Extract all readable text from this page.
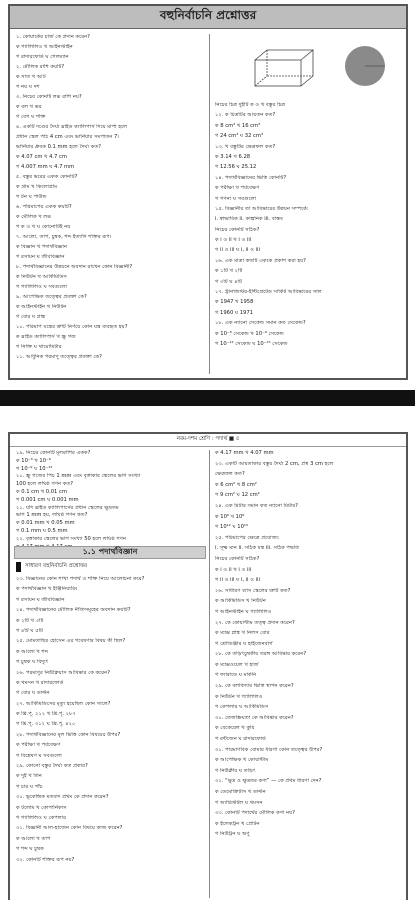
বহুনির্বাচনি প্রশ্নোত্তর
১. কোয়ার্কের চার্জ কে প্রদান করেন?
ক গ্যালিলিও খ আইনস্টাইন
গ রাদারফোর্ড ঘ গেলম্যান
২. মৌলিক রাশি কয়টি?
ক সাত খ আট
গ নয় ঘ দশ
৩. নিচের কোনটি লব্ধ রাশি নয়?
ক বল খ ভর
গ বেগ ঘ শক্তি
৪. একটি দণ্ডের দৈর্ঘ্য স্লাইড ক্যালিপার্স দিয়ে মাপা হলে
প্রধান স্কেল পাঠ 4 cm এবং ভার্নিয়ার সমপাতন 7।
ভার্নিয়ার ধ্রুবক 0.1 mm হলে দৈর্ঘ্য কত?
ক 4.07 cm খ 4.7 cm
গ 4.007 mm ঘ 4.7 mm
৫. বস্তুর ভরের একক কোনটি?
ক গ্রাম খ কিলোগ্রাম
গ টন ঘ পাউন্ড
৬. পরিমাপের একক কয়টি?
ক মৌলিক খ লব্ধ
গ ক ও খ ঘ কোনোটিই নয়
৭. আলো, তাপ, চুম্বক, শব্দ ইত্যাদি শক্তির রূপ।
ক বিজ্ঞান খ পদার্থবিজ্ঞান
গ রসায়ন ঘ জীববিজ্ঞান
৮. পদার্থবিজ্ঞানের উন্নয়নে অবদান রাখেন কোন বিজ্ঞানী?
ক নিউটন খ আর্কিমিডিস
গ গ্যালিলিও ঘ সবগুলো
৯. আপেক্ষিক তত্ত্বের প্রবক্তা কে?
ক আইনস্টাইন খ নিউটন
গ বোর ঘ প্লাঙ্ক
১০. পরিমাপ যন্ত্রের ত্রুটি নির্ণয়ে কোন যন্ত্র ব্যবহৃত হয়?
ক স্লাইড ক্যালিপার্স খ স্ক্রু গজ
গ নিক্তি ঘ থামোমিটার
১১. আধুনিক পরমাণু তত্ত্বের প্রবক্তা কে?
নিচের চিত্র দুইটি ক ও খ বস্তুর চিত্র
১২. ক চিত্রটির আয়তন কত?
ক 8 cm³ খ 16 cm³
গ 24 cm³ ঘ 32 cm³
১৩. খ বস্তুটির ক্ষেত্রফল কত?
ক 3.14 খ 6.28
গ 12.56 ঘ 25.12
১৪. পদার্থবিজ্ঞানের ভিত্তি কোনটি?
ক পরীক্ষা খ পর্যবেক্ষণ
গ গণনা ঘ সবগুলো
১৫. বিজ্ঞানীর তা আবিষ্কারের উন্নয়ন সম্পর্কে:
i. স্বাভাবিক ii. কাল্পনিক iii. বাস্তব
নিচের কোনটি সঠিক?
ক i ও ii খ i ও iii
গ ii ও iii ঘ i, ii ও iii
১৬. এক মাত্রা কতটি এককে প্রকাশ করা হয়?
ক ১টি খ ২টি
গ ৩টি ঘ ৪টি
১৭. ট্রানজিস্টর-ইন্টিগ্রেটেড সার্কিট আবিষ্কারের সাল
ক 1947 খ 1958
গ 1960 ঘ 1971
১৮. এক ন্যানো সেকেন্ড সমান কত সেকেন্ড?
ক 10⁻⁶ সেকেন্ড খ 10⁻⁹ সেকেন্ড
গ 10⁻¹² সেকেন্ড ঘ 10⁻¹⁵ সেকেন্ড
নবম-দশম শ্রেণি : পদার্থ ■ ৫
১৯. নিচের কোনটি মূলরাশির একক?
ক 10⁻³ খ 10⁻⁶
গ 10⁻⁹ ঘ 10⁻¹²
২০. স্ক্রু গজের পিচ 1 mm এবং বৃত্তাকার স্কেলের ভাগ সংখ্যা
100 হলে লঘিষ্ঠ গণন কত?
ক 0.1 cm খ 0.01 cm
গ 0.001 cm ঘ 0.001 mm
২১. যদি স্লাইড ক্যালিপার্সের প্রধান স্কেলের ক্ষুদ্রতম
ভাগ 1 mm হয়, লঘিষ্ঠ গণন কত?
ক 0.01 mm খ 0.05 mm
গ 0.1 mm ঘ 0.5 mm
২২. বৃত্তাকার স্কেলের ভাগ সংখ্যা 50 হলে লঘিষ্ঠ গণন
১.১ পদার্থবিজ্ঞান
সাধারণ বহুনির্বাচনি প্রশ্নোত্তর
২৩. বিজ্ঞানের কোন শাখা পদার্থ ও শক্তি নিয়ে আলোচনা করে?
ক পদার্থবিজ্ঞান খ ইঞ্জিনিয়ারিং
গ রসায়ন ঘ জীববিজ্ঞান
২৪. পদার্থবিজ্ঞানের মৌলিক নীতিসমূহের অবদান কয়টি?
ক ২টি খ ৩টি
গ ৪টি ঘ ৫টি
২৫. মোমতাছির হোসেন এর গবেষণার বিষয় কী ছিল?
ক আলো খ শব্দ
গ চুম্বক ঘ বিদ্যুৎ
২৬. পরমাণুর নিউক্লিয়াস আবিষ্কার কে করেন?
ক থমসন খ রাদারফোর্ড
গ বোর ঘ ডাল্টন
২৭. আর্কিমিডিসের মৃত্যু হয়েছিল কোন সালে?
ক খ্রি.পূ. ২১২ খ খ্রি.পূ. ২৮৭
গ খ্রি.পূ. ৩১২ ঘ খ্রি.পূ. ৪২০
২৮. পদার্থবিজ্ঞানের মূল ভিত্তি কোন বিষয়ের উপর?
ক পরীক্ষা খ পর্যবেক্ষণ
গ বিশ্লেষণ ঘ সবগুলো
২৯. কোনো বস্তুর দৈর্ঘ্য কত প্রকার?
ক দুই খ তিন
গ চার ঘ পাঁচ
৩০. ভূকেন্দ্রিক মতবাদ প্রথম কে প্রদান করেন?
ক টলেমি খ কোপার্নিকাস
গ গ্যালিলিও ঘ কেপলার
৩১. বিজ্ঞানী আল-হাজেন কোন বিষয়ে কাজ করেন?
ক আলো খ তাপ
গ শব্দ ঘ চুম্বক
৩২. কোনটি শক্তির রূপ নয়?
ক 4.17 mm খ 4.07 mm
২৩. একটি আয়তাকার বস্তুর দৈর্ঘ্য 2 cm, প্রস্থ 3 cm হলে
ক্ষেত্রফল কত?
ক 6 cm² খ 8 cm²
গ 9 cm² ঘ 12 cm²
২৪. এক মিটার সমান কত ন্যানো মিটার?
ক 10⁶ খ 10⁹
গ 10¹² ঘ 10¹⁵
২৫. পরিমাপের ক্ষেত্রে প্রযোজ্য:
i. সূক্ষ্ম মান ii. সঠিক যন্ত্র iii. সঠিক পদ্ধতি
নিচের কোনটি সঠিক?
ক i ও ii খ i ও iii
গ ii ও iii ঘ i, ii ও iii
২৬. সাধারণ ব্যাস স্কেলের ত্রুটি কত?
ক আর্কিমিডিস খ নিউটন
গ আইনস্টাইন ঘ গ্যালিলিও
২৭. কে কোয়ান্টাম তত্ত্ব প্রদান করেন?
ক ম্যাক্স প্লাঙ্ক খ নিলস বোর
গ শ্রোডিঞ্জার ঘ হাইজেনবার্গ
২৮. কে তড়িৎচুম্বকীয় তরঙ্গ আবিষ্কার করেন?
ক ম্যাক্সওয়েল খ হার্জ
গ ফ্যারাডে ঘ মার্কনি
২৯. কে বলবিদ্যার ভিত্তি স্থাপন করেন?
ক নিউটন খ গ্যালিলিও
গ কেপলার ঘ আর্কিমিডিস
৩০. তেজস্ক্রিয়তা কে আবিষ্কার করেন?
ক বেকেরেল খ কুরি
গ রন্টজেন ঘ রাদারফোর্ড
৩১. পারমাণবিক বোমার ধারণা কোন তত্ত্বের উপর?
ক আপেক্ষিক খ কোয়ান্টাম
গ নিউক্লীয় ঘ তড়িৎ
৩২. “ক্ষুদ্র ও ক্ষুদ্রতর কণা” — কে প্রথম ধারণা দেন?
ক ডেমোক্রিটাস খ ডাল্টন
গ অ্যারিস্টটল ঘ থমসন
৩৩. কোনটি পদার্থের মৌলিক কণা নয়?
ক ইলেকট্রন খ প্রোটন
গ নিউট্রন ঘ অণু
